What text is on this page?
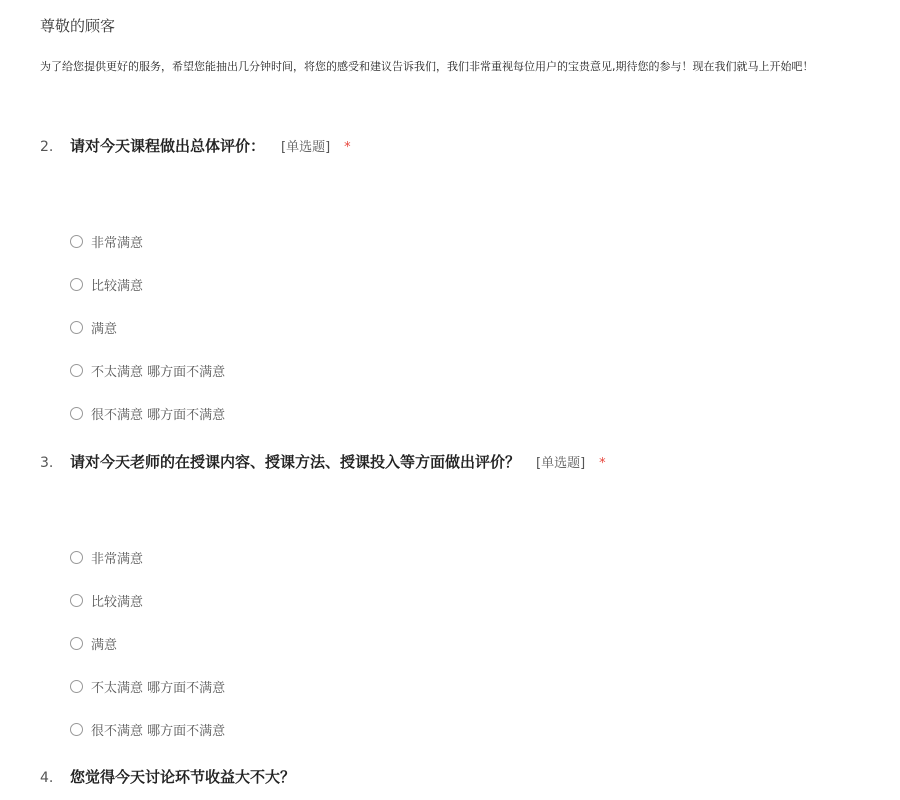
尊敬的顾客
为了给您提供更好的服务，希望您能抽出几分钟时间，将您的感受和建议告诉我们，我们非常重视每位用户的宝贵意见,期待您的参与！现在我们就马上开始吧！
2.	请对今天课程做出总体评价： [单选题] *
非常满意
比较满意
满意
不太满意 哪方面不满意
很不满意 哪方面不满意
3.	请对今天老师的在授课内容、授课方法、授课投入等方面做出评价？ [单选题] *
非常满意
比较满意
满意
不太满意 哪方面不满意
很不满意 哪方面不满意
4.	您觉得今天讨论环节收益大不大？
